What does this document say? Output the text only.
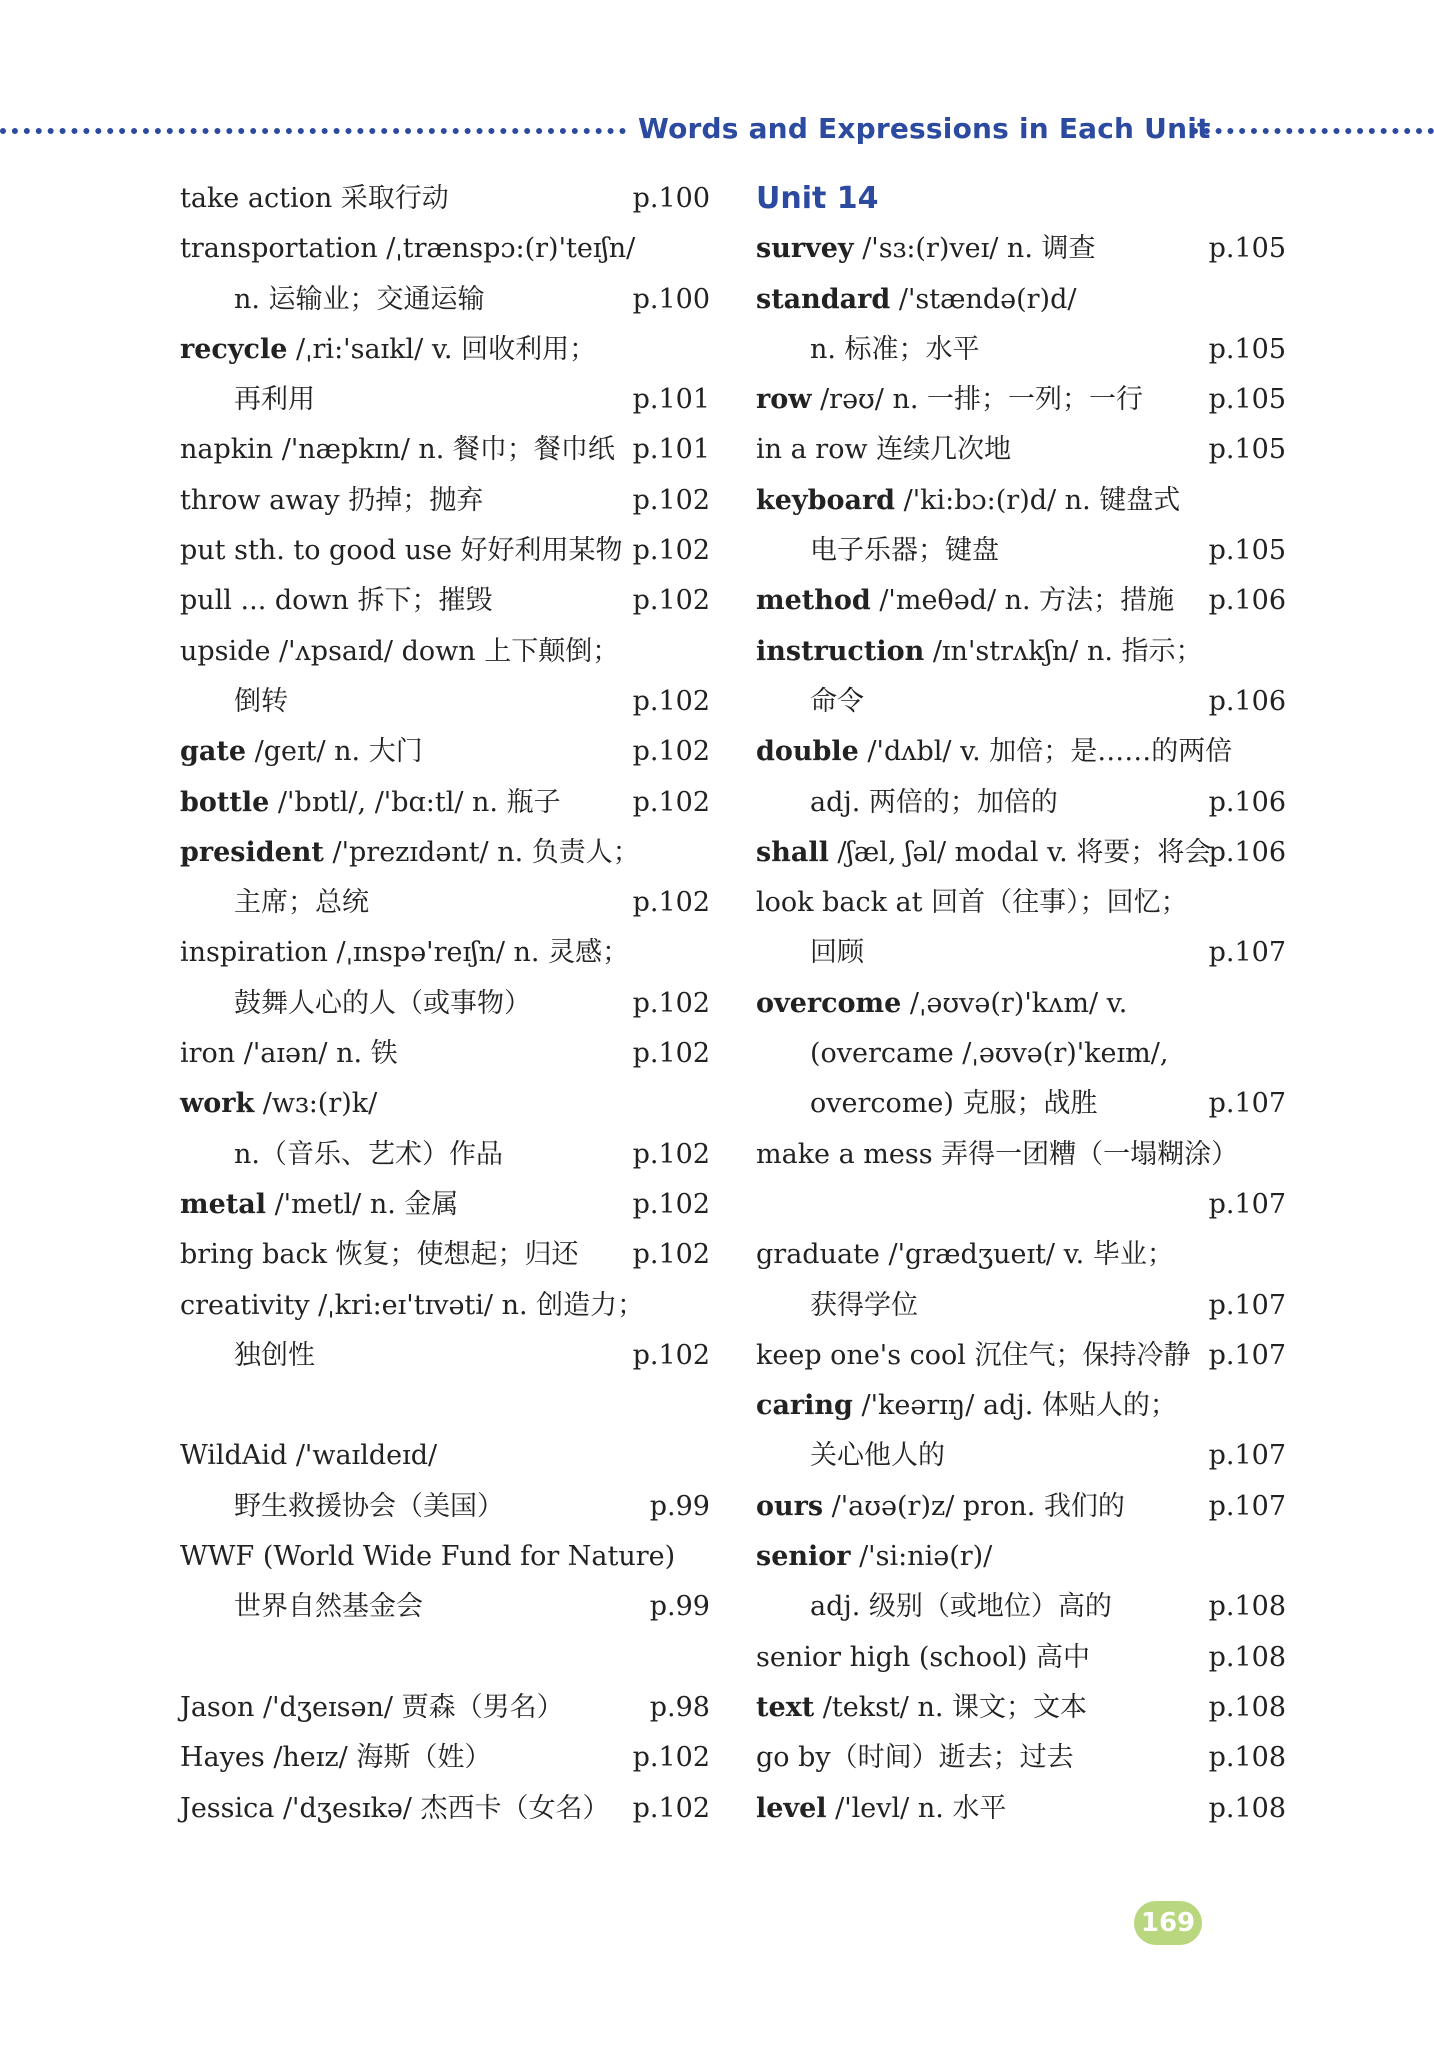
Words and Expressions in Each Unit
take action 采取行动	p.100
transportation /ˌtrænspɔ:(r)'teɪʃn/
n. 运输业；交通运输	p.100
recycle /ˌri:'saɪkl/ v. 回收利用；
再利用	p.101
napkin /'næpkɪn/ n. 餐巾；餐巾纸 p.101
throw away 扔掉；抛弃	p.102
put sth. to good use 好好利用某物 p.102
pull ... down 拆下；摧毁	p.102
upside /'ʌpsaɪd/ down 上下颠倒；
倒转	p.102
gate /geɪt/ n. 大门	p.102
bottle /'bɒtl/, /'bɑ:tl/ n. 瓶子	p.102
president /'prezɪdənt/ n. 负责人；
主席；总统	p.102
inspiration /ˌɪnspə'reɪʃn/ n. 灵感；
鼓舞人心的人（或事物）	p.102
iron /'aɪən/ n. 铁	p.102
work /wɜ:(r)k/
n.（音乐、艺术）作品	p.102
metal /'metl/ n. 金属	p.102
bring back 恢复；使想起；归还 p.102
creativity /ˌkri:eɪ'tɪvəti/ n. 创造力；
独创性	p.102
WildAid /'waɪldeɪd/
野生救援协会（美国）	p.99
WWF (World Wide Fund for Nature)
世界自然基金会	p.99
Jason /'dʒeɪsən/ 贾森（男名）	p.98
Hayes /heɪz/ 海斯（姓）	p.102
Jessica /'dʒesɪkə/ 杰西卡（女名） p.102
Unit 14
survey /'sɜ:(r)veɪ/ n. 调查	p.105
standard /'stændə(r)d/
n. 标准；水平	p.105
row /rəʊ/ n. 一排；一列；一行 p.105
in a row 连续几次地	p.105
keyboard /'ki:bɔ:(r)d/ n. 键盘式
电子乐器；键盘	p.105
method /'meθəd/ n. 方法；措施 p.106
instruction /ɪn'strʌkʃn/ n. 指示；
命令	p.106
double /'dʌbl/ v. 加倍；是……的两倍
adj. 两倍的；加倍的	p.106
shall /ʃæl, ʃəl/ modal v. 将要；将会
p.106
look back at 回首（往事）；回忆；
回顾	p.107
overcome /ˌəʊvə(r)'kʌm/ v.
(overcame /ˌəʊvə(r)'keɪm/,
overcome) 克服；战胜	p.107
make a mess 弄得一团糟（一塌糊涂）
p.107
graduate /'grædʒueɪt/ v. 毕业；
获得学位	p.107
keep one's cool 沉住气；保持冷静 p.107
caring /'keərɪŋ/ adj. 体贴人的；
关心他人的	p.107
ours /'aʊə(r)z/ pron. 我们的	p.107
senior /'si:niə(r)/
adj. 级别（或地位）高的	p.108
senior high (school) 高中	p.108
text /tekst/ n. 课文；文本	p.108
go by（时间）逝去；过去	p.108
level /'levl/ n. 水平	p.108
169
